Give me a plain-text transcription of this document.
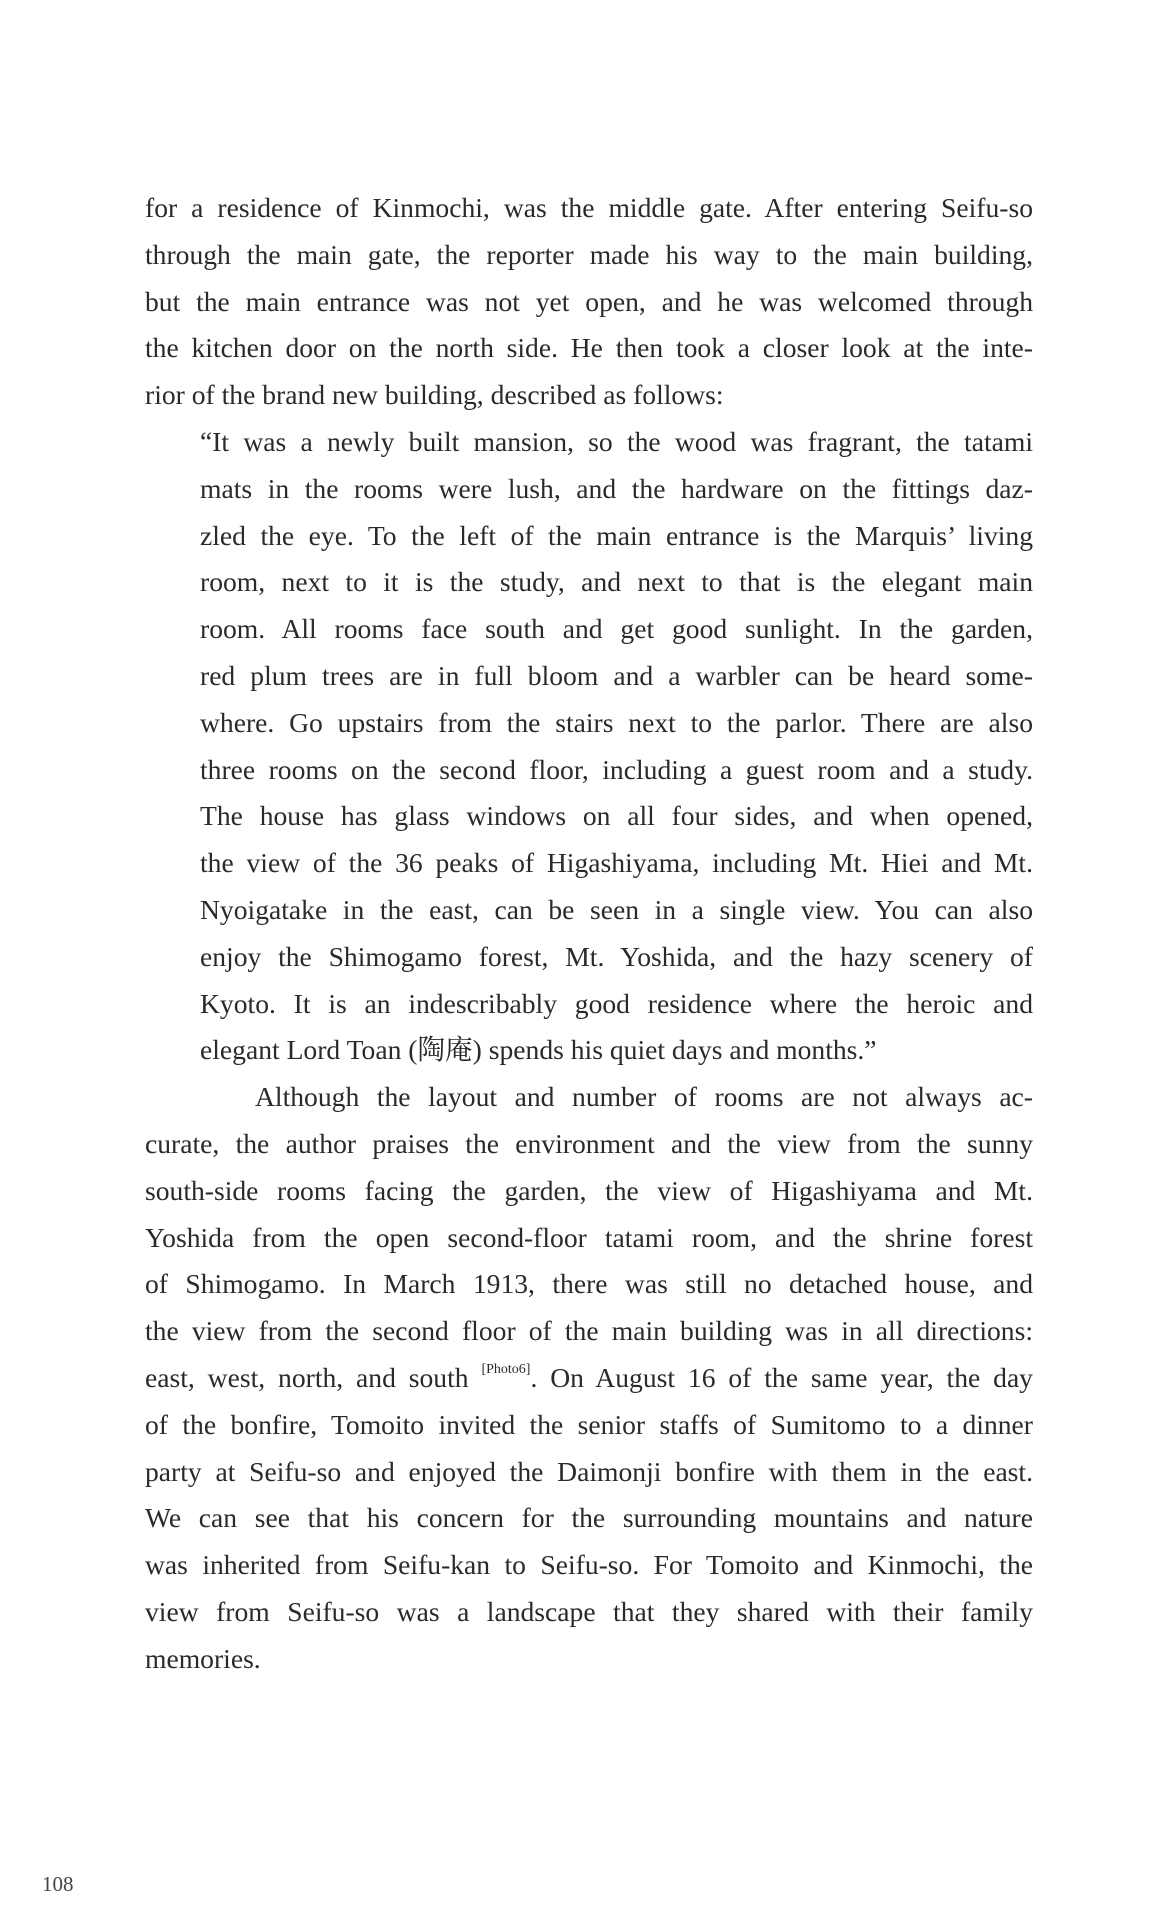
for a residence of Kinmochi, was the middle gate. After entering Seifu-so
through the main gate, the reporter made his way to the main building,
but the main entrance was not yet open, and he was welcomed through
the kitchen door on the north side. He then took a closer look at the inte-
rior of the brand new building, described as follows:
“It was a newly built mansion, so the wood was fragrant, the tatami
mats in the rooms were lush, and the hardware on the fittings daz-
zled the eye. To the left of the main entrance is the Marquis’ living
room, next to it is the study, and next to that is the elegant main
room. All rooms face south and get good sunlight. In the garden,
red plum trees are in full bloom and a warbler can be heard some-
where. Go upstairs from the stairs next to the parlor. There are also
three rooms on the second floor, including a guest room and a study.
The house has glass windows on all four sides, and when opened,
the view of the 36 peaks of Higashiyama, including Mt. Hiei and Mt.
Nyoigatake in the east, can be seen in a single view. You can also
enjoy the Shimogamo forest, Mt. Yoshida, and the hazy scenery of
Kyoto. It is an indescribably good residence where the heroic and
elegant Lord Toan (陶庵) spends his quiet days and months.”
Although the layout and number of rooms are not always ac-
curate, the author praises the environment and the view from the sunny
south-side rooms facing the garden, the view of Higashiyama and Mt.
Yoshida from the open second-floor tatami room, and the shrine forest
of Shimogamo. In March 1913, there was still no detached house, and
the view from the second floor of the main building was in all directions:
east, west, north, and south [Photo6]. On August 16 of the same year, the day
of the bonfire, Tomoito invited the senior staffs of Sumitomo to a dinner
party at Seifu-so and enjoyed the Daimonji bonfire with them in the east.
We can see that his concern for the surrounding mountains and nature
was inherited from Seifu-kan to Seifu-so. For Tomoito and Kinmochi, the
view from Seifu-so was a landscape that they shared with their family
memories.
108
